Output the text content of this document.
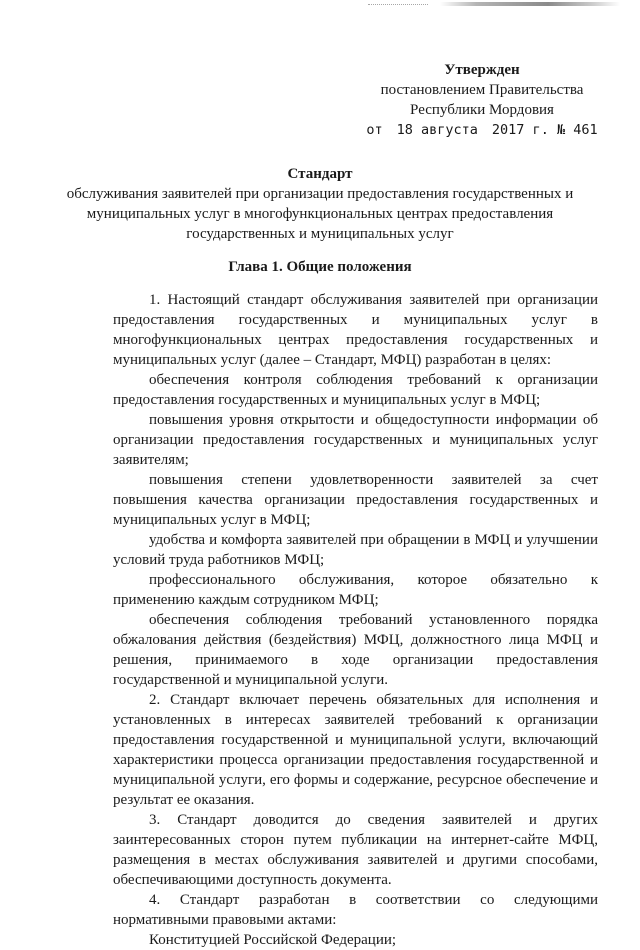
Утвержден
постановлением Правительства
Республики Мордовия
от 18 августа 2017 г. № 461
Стандарт
обслуживания заявителей при организации предоставления государственных и муниципальных услуг в многофункциональных центрах предоставления государственных и муниципальных услуг
Глава 1. Общие положения

1. Настоящий стандарт обслуживания заявителей при организации предоставления государственных и муниципальных услуг в многофункциональных центрах предоставления государственных и муниципальных услуг (далее – Стандарт, МФЦ) разработан в целях:

обеспечения контроля соблюдения требований к организации предоставления государственных и муниципальных услуг в МФЦ;

повышения уровня открытости и общедоступности информации об организации предоставления государственных и муниципальных услуг заявителям;

повышения степени удовлетворенности заявителей за счет повышения качества организации предоставления государственных и муниципальных услуг в МФЦ;

удобства и комфорта заявителей при обращении в МФЦ и улучшении условий труда работников МФЦ;

профессионального обслуживания, которое обязательно к применению каждым сотрудником МФЦ;

обеспечения соблюдения требований установленного порядка обжалования действия (бездействия) МФЦ, должностного лица МФЦ и решения, принимаемого в ходе организации предоставления государственной и муниципальной услуги.

2. Стандарт включает перечень обязательных для исполнения и установленных в интересах заявителей требований к организации предоставления государственной и муниципальной услуги, включающий характеристики процесса организации предоставления государственной и муниципальной услуги, его формы и содержание, ресурсное обеспечение и результат ее оказания.

3. Стандарт доводится до сведения заявителей и других заинтересованных сторон путем публикации на интернет-сайте МФЦ, размещения в местах обслуживания заявителей и другими способами, обеспечивающими доступность документа.

4. Стандарт разработан в соответствии со следующими нормативными правовыми актами:

Конституцией Российской Федерации;
